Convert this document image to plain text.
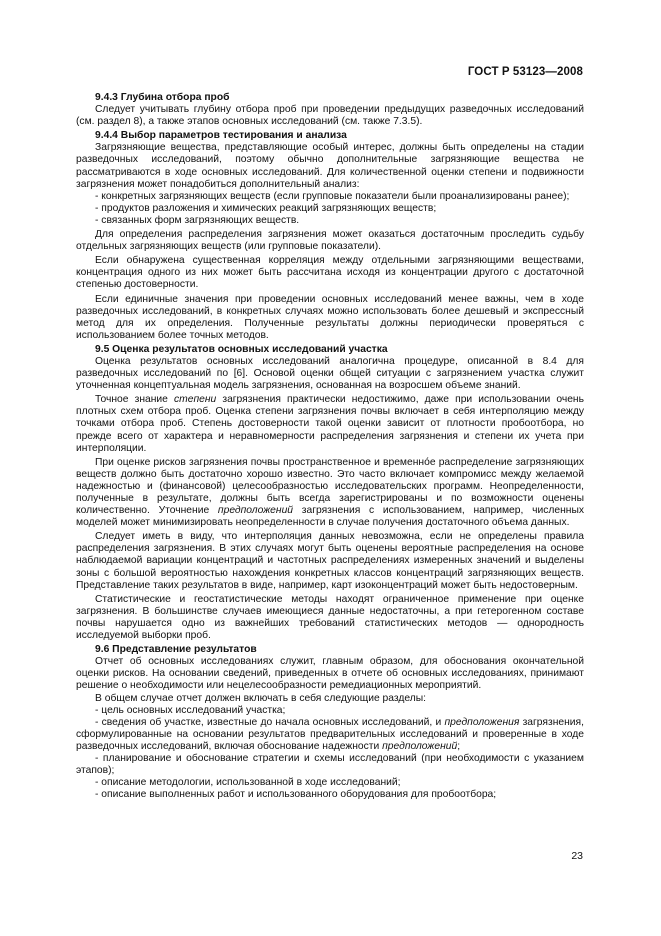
ГОСТ Р 53123—2008

9.4.3 Глубина отбора проб

Следует учитывать глубину отбора проб при проведении предыдущих разведочных исследований (см. раздел 8), а также этапов основных исследований (см. также 7.3.5).

9.4.4 Выбор параметров тестирования и анализа

Загрязняющие вещества, представляющие особый интерес, должны быть определены на стадии разведочных исследований, поэтому обычно дополнительные загрязняющие вещества не рассматриваются в ходе основных исследований. Для количественной оценки степени и подвижности загрязнения может понадобиться дополнительный анализ:

- конкретных загрязняющих веществ (если групповые показатели были проанализированы ранее);

- продуктов разложения и химических реакций загрязняющих веществ;

- связанных форм загрязняющих веществ.

Для определения распределения загрязнения может оказаться достаточным проследить судьбу отдельных загрязняющих веществ (или групповые показатели).

Если обнаружена существенная корреляция между отдельными загрязняющими веществами, концентрация одного из них может быть рассчитана исходя из концентрации другого с достаточной степенью достоверности.

Если единичные значения при проведении основных исследований менее важны, чем в ходе разведочных исследований, в конкретных случаях можно использовать более дешевый и экспрессный метод для их определения. Полученные результаты должны периодически проверяться с использованием более точных методов.

9.5 Оценка результатов основных исследований участка

Оценка результатов основных исследований аналогична процедуре, описанной в 8.4 для разведочных исследований по [6]. Основой оценки общей ситуации с загрязнением участка служит уточненная концептуальная модель загрязнения, основанная на возросшем объеме знаний.

Точное знание степени загрязнения практически недостижимо, даже при использовании очень плотных схем отбора проб. Оценка степени загрязнения почвы включает в себя интерполяцию между точками отбора проб. Степень достоверности такой оценки зависит от плотности пробоотбора, но прежде всего от характера и неравномерности распределения загрязнения и степени их учета при интерполяции.

При оценке рисков загрязнения почвы пространственное и временно́е распределение загрязняющих веществ должно быть достаточно хорошо известно. Это часто включает компромисс между желаемой надежностью и (финансовой) целесообразностью исследовательских программ. Неопределенности, полученные в результате, должны быть всегда зарегистрированы и по возможности оценены количественно. Уточнение предположений загрязнения с использованием, например, численных моделей может минимизировать неопределенности в случае получения достаточного объема данных.

Следует иметь в виду, что интерполяция данных невозможна, если не определены правила распределения загрязнения. В этих случаях могут быть оценены вероятные распределения на основе наблюдаемой вариации концентраций и частотных распределениях измеренных значений и выделены зоны с большой вероятностью нахождения конкретных классов концентраций загрязняющих веществ. Представление таких результатов в виде, например, карт изоконцентраций может быть недостоверным.

Статистические и геостатистические методы находят ограниченное применение при оценке загрязнения. В большинстве случаев имеющиеся данные недостаточны, а при гетерогенном составе почвы нарушается одно из важнейших требований статистических методов — однородность исследуемой выборки проб.

9.6 Представление результатов

Отчет об основных исследованиях служит, главным образом, для обоснования окончательной оценки рисков. На основании сведений, приведенных в отчете об основных исследованиях, принимают решение о необходимости или нецелесообразности ремедиационных мероприятий.

В общем случае отчет должен включать в себя следующие разделы:

- цель основных исследований участка;

- сведения об участке, известные до начала основных исследований, и предположения загрязнения, сформулированные на основании результатов предварительных исследований и проверенные в ходе разведочных исследований, включая обоснование надежности предположений;

- планирование и обоснование стратегии и схемы исследований (при необходимости с указанием этапов);

- описание методологии, использованной в ходе исследований;

- описание выполненных работ и использованного оборудования для пробоотбора;

23
